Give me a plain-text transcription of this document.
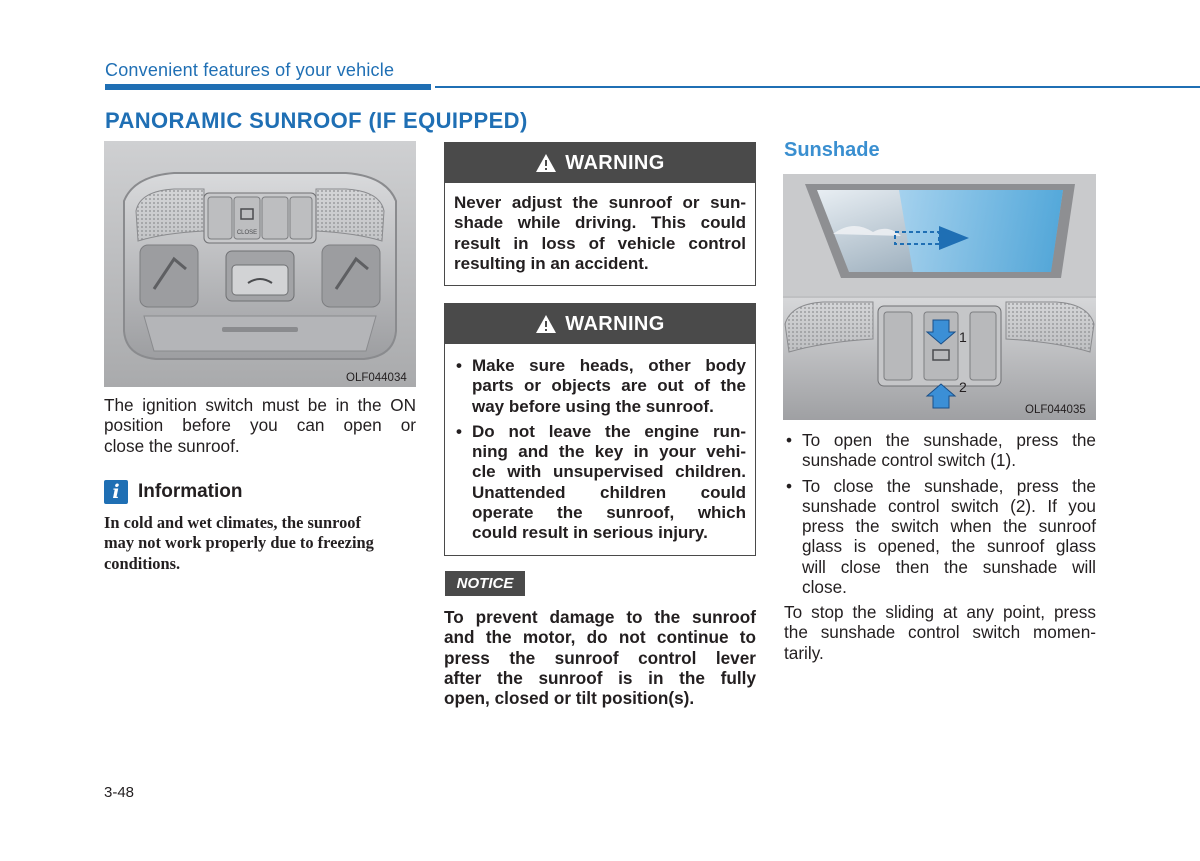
Convenient features of your vehicle
PANORAMIC SUNROOF (IF EQUIPPED)
CLOSE
OLF044034
The ignition switch must be in the ON
position before you can open or
close the sunroof.
i Information
In cold and wet climates, the sunroof
may not work properly due to freezing
conditions.
WARNING
Never adjust the sunroof or sun-
shade while driving. This could
result in loss of vehicle control
resulting in an accident.
WARNING
• Make sure heads, other body
parts or objects are out of the
way before using the sunroof.
• Do not leave the engine run-
ning and the key in your vehi-
cle with unsupervised children.
Unattended children could
operate the sunroof, which
could result in serious injury.
NOTICE
To prevent damage to the sunroof
and the motor, do not continue to
press the sunroof control lever
after the sunroof is in the fully
open, closed or tilt position(s).
Sunshade
1
2
OLF044035
• To open the sunshade, press the
sunshade control switch (1).
• To close the sunshade, press the
sunshade control switch (2). If you
press the switch when the sunroof
glass is opened, the sunroof glass
will close then the sunshade will
close.
To stop the sliding at any point, press
the sunshade control switch momen-
tarily.
3-48
